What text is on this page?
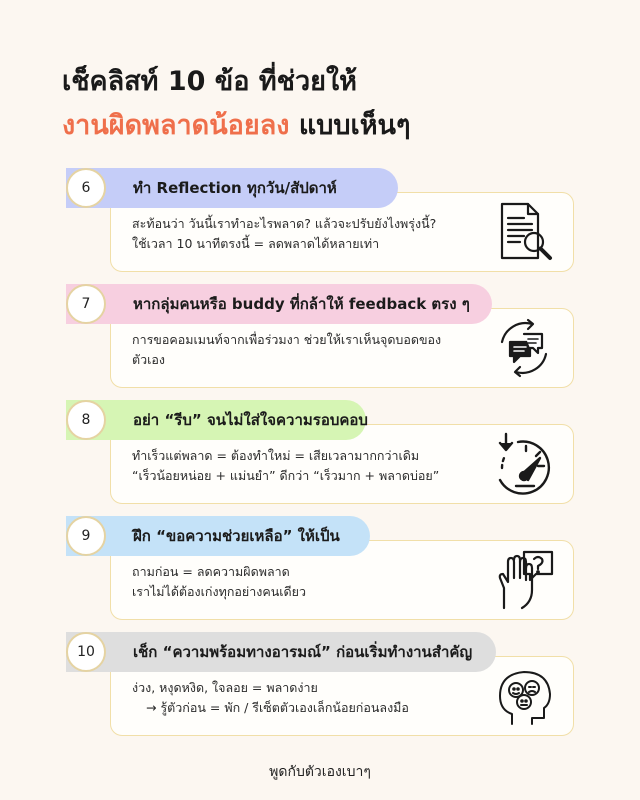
เช็คลิสท์ 10 ข้อ ที่ช่วยให้
งานผิดพลาดน้อยลง แบบเห็นๆ
6	ทำ Reflection ทุกวัน/สัปดาห์
สะท้อนว่า วันนี้เราทำอะไรพลาด? แล้วจะปรับยังไงพรุ่งนี้?
ใช้เวลา 10 นาทีตรงนี้ = ลดพลาดได้หลายเท่า
7	หากลุ่มคนหรือ buddy ที่กล้าให้ feedback ตรง ๆ
การขอคอมเมนท์จากเพื่อร่วมงา ช่วยให้เราเห็นจุดบอดของ
ตัวเอง
8	อย่า “รีบ” จนไม่ใส่ใจความรอบคอบ
ทำเร็วแต่พลาด = ต้องทำใหม่ = เสียเวลามากกว่าเดิม
“เร็วน้อยหน่อย + แม่นยำ” ดีกว่า “เร็วมาก + พลาดบ่อย”
9	ฝึก “ขอความช่วยเหลือ” ให้เป็น
ถามก่อน = ลดความผิดพลาด
เราไม่ได้ต้องเก่งทุกอย่างคนเดียว
10	เช็ก “ความพร้อมทางอารมณ์” ก่อนเริ่มทำงานสำคัญ
ง่วง, หงุดหงิด, ใจลอย = พลาดง่าย
→ รู้ตัวก่อน = พัก / รีเซ็ตตัวเองเล็กน้อยก่อนลงมือ
พูดกับตัวเองเบาๆ
